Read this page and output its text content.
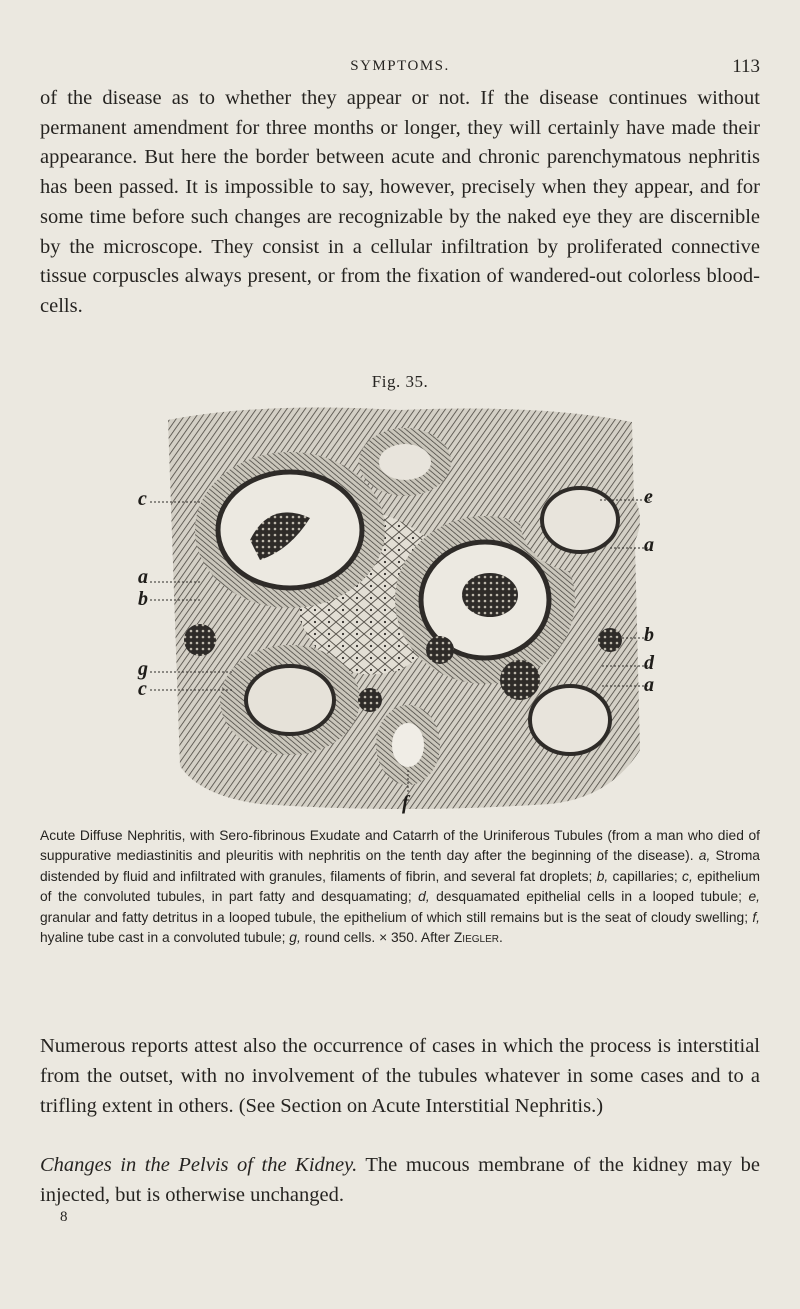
SYMPTOMS.	113

of the disease as to whether they appear or not. If the disease continues without permanent amendment for three months or longer, they will certainly have made their appearance. But here the border between acute and chronic parenchymatous nephritis has been passed. It is impossible to say, however, precisely when they appear, and for some time before such changes are recognizable by the naked eye they are discernible by the microscope. They consist in a cellular infiltration by proliferated connective tissue corpuscles always present, or from the fixation of wandered-out colorless blood-cells.

Fig. 35.
c
a
b
g
c
e
a
b
d
a
f

Acute Diffuse Nephritis, with Sero-fibrinous Exudate and Catarrh of the Uriniferous Tubules (from a man who died of suppurative mediastinitis and pleuritis with nephritis on the tenth day after the beginning of the disease). a, Stroma distended by fluid and infiltrated with granules, filaments of fibrin, and several fat droplets; b, capillaries; c, epithelium of the convoluted tubules, in part fatty and desquamating; d, desquamated epithelial cells in a looped tubule; e, granular and fatty detritus in a looped tubule, the epithelium of which still remains but is the seat of cloudy swelling; f, hyaline tube cast in a convoluted tubule; g, round cells. × 350. After Ziegler.

Numerous reports attest also the occurrence of cases in which the process is interstitial from the outset, with no involvement of the tubules whatever in some cases and to a trifling extent in others. (See Section on Acute Interstitial Nephritis.)

Changes in the Pelvis of the Kidney. The mucous membrane of the kidney may be injected, but is otherwise unchanged.

8
